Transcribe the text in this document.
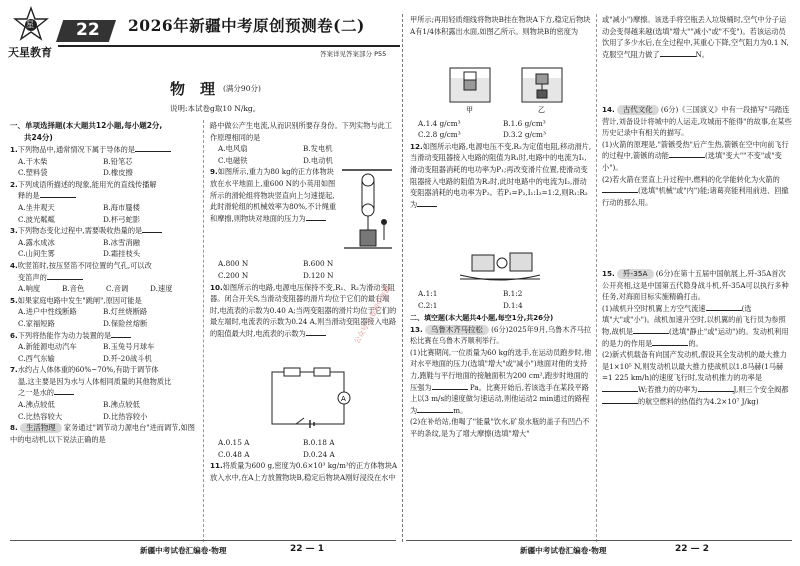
星
天星教育
22 2026年新疆中考原创预测卷(二)
答案详见答案部分 P55
物　理 (满分90分)
说明:本试卷g取10 N/kg。
一、单项选择题(本大题共12小题,每小题2分,
共24分)
1.下列物品中,通常情况下属于导体的是
A.干木柴	B.铅笔芯
C.塑料袋	D.橡皮擦
2.下列成语所描述的现象,能用光的直线传播解
释的是
A.坐井观天	B.海市蜃楼
C.波光粼粼	D.杯弓蛇影
3.下列物态变化过程中,需要吸收热量的是
A.露水成冰	B.冰雪消融
C.山间生雾	D.霜挂枝头
4.吹竖笛时,按压竖笛不同位置的气孔,可以改
变笛声的
A.响度	B.音色	C.音调	D.速度
5.如果家庭电路中发生"跳闸",原因可能是
A.进户中性线断路	B.灯丝烧断路
C.家福短路	D.保险丝熔断
6.下列将热能作为动力装置的是
A.新能源电动汽车	B.玉兔号月球车
C.西气东输	D.歼-20战斗机
7.水约占人体体重的60%~70%,有助于调节体
温,这主要是因为水与人体相同质量的其他物质比
之一是水的
A.沸点较低	B.沸点较低
C.比热容较大	D.比热容较小
8. 生活物理 家务通过"调节动力源电台"进而调节,如图中的电动机,以下说法正确的是
路中做公产生电流,从而识别所要存身份。下列实物与此工作原理相同的是
A.电风扇	B.发电机
C.电磁铁	D.电动机
9.如图所示,重力为80 kg的正方体物块放在水平地面上,重600 N的小英用如图所示的滑轮组将物块竖直向上匀速提起,此时滑轮组的机械效率为80%,不计绳重和摩擦,则物块对地面的压力为
A.800 N	B.600 N
C.200 N	D.120 N
10.如图所示的电路,电源电压保持不变,R₁、R₂为滑动变阻器。闭合开关S,当滑动变阻器的滑片均位于它们的最右端时,电流表的示数为0.40 A;当两变阻器的滑片均位于它们的最左端时,电流表的示数为0.24 A,则当滑动变阻器接入电路的阻值最大时,电流表的示数为
A
A.0.15 A	B.0.18 A
C.0.48 A	D.0.24 A
11.将质量为600 g,密度为0.6×10³ kg/m³的正方体物块A放入水中,在A上方放置物块B,稳定后物块A刚好浸没在水中
甲所示;再用轻质细线将物块B挂在物块A下方,稳定后物块A有1/4体积露出水面,如图乙所示。则物块B的密度为
甲	乙
A.1.4 g/cm³	B.1.6 g/cm³
C.2.8 g/cm³	D.3.2 g/cm³
12.如图所示电路,电源电压不变,R₂为定值电阻,移动滑片,当滑动变阻器接入电路的阻值为R₁时,电路中的电流为I₁,滑动变阻器消耗的电功率为P₁;再改变滑片位置,使滑动变阻器接入电路的阻值为R₂时,此时电路中的电流为I₂,滑动变阻器消耗的电功率为P₂。若P₁=P₂,I₁:I₂=1:2,则R₁:R₂为
A.1:1	B.1:2
C.2:1	D.1:4
二、填空题(本大题共4小题,每空1分,共26分)
13. 乌鲁木齐马拉松 (6分)2025年9月,乌鲁木齐马拉松比赛在乌鲁木齐顺利举行。
(1)比赛期间,一位质量为60 kg的选手,在运动员跑步时,他对水平地面的压力(选填"增大"或"减小")地面对他的支持力,跑鞋与平行地面的接触面积为200 cm²,跑步时地面的压强为	Pa。比赛开始后,若该选手在某段平路上以3 m/s的速度做匀速运动,则他运动2 min通过的路程为	m。
(2)在补给站,他喝了"能量"饮水,矿泉水瓶的盖子有凹凸不平的条纹,是为了增大摩擦(选填"增大"
或"减小")摩擦。该选手将空瓶丢入垃圾桶时,空气中分子运动会变得越来越(选填"增大""减小"或"不变")。若该运动员饮用了多少水后,在全过程中,其重心下降,空气阻力为0.1 N,克服空气阻力做了	N。
14. 古代文化 (6分)《三国演义》中有一段描写"马踏连营计,刘备设计将城中的人运走,攻城而不能得"的故事,在某些历史记录中有相关的描写。
(1)火箭的原理是,"箭镞受热"后产生热,箭镞在空中向前飞行的过程中,箭镞的动能	(选填"变大""不变"或"变小")。
(2)若火箭在竖直上升过程中,燃料的化学能转化为火箭的(选填"机械"或"内")能;诸葛亮能利用前进、回撤行动的那么用。
15. 歼-35A (6分)在第十五届中国航展上,歼-35A首次公开亮相,这是中国第五代隐身战斗机,歼-35A可以执行多种任务,对海面目标实施精确打击。
(1)战机升空时机翼上方空气流速	(选填"大"或"小")。战机加速升空时,以机翼的前飞行员为参照物,战机是	(选填"静止"或"运动")的。发动机利用的是力的作用是	的。
(2)新式机载备有向国产发动机,假设其全发动机的最大推力是1×10⁵ N,则发动机以最大推力使战机以1.8马赫(1马赫=1 225 km/h)的速度飞行时,发动机推力的功率是W;若推力的功率为	J,则三个安全阀都的航空燃料的热值约为4.2×10⁷ J/kg)
公众号:小卷初中资源
新疆中考试卷汇编卷·物理	22 — 1	新疆中考试卷汇编卷·物理	22 — 2
